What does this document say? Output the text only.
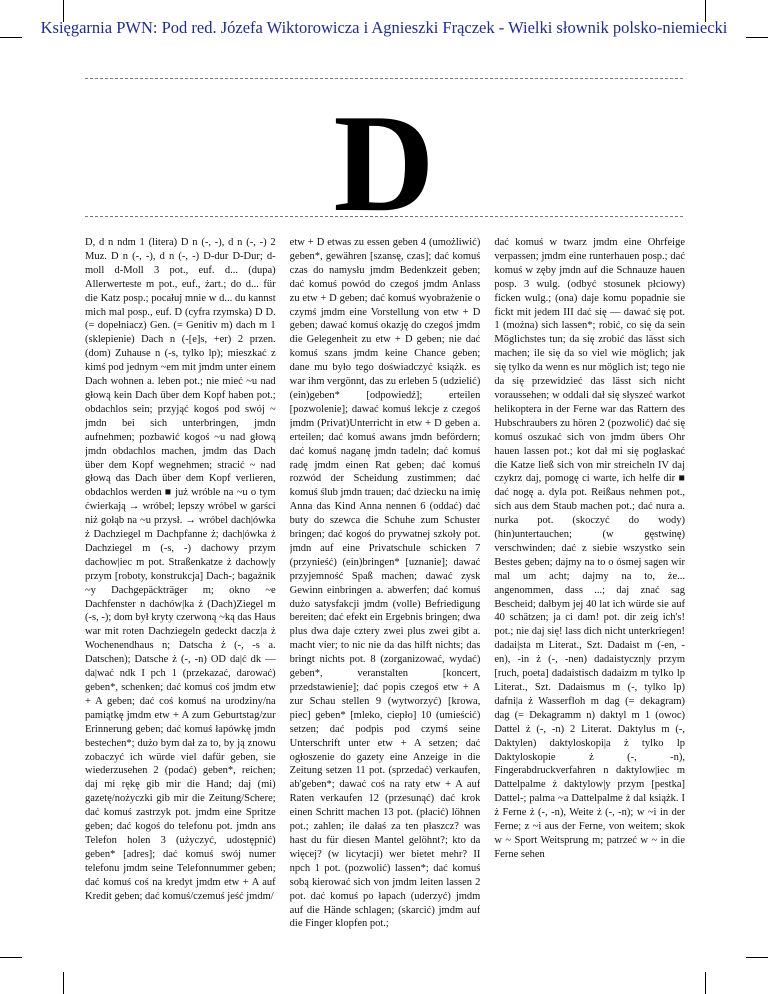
Księgarnia PWN: Pod red. Józefa Wiktorowicza i Agnieszki Frączek - Wielki słownik polsko-niemiecki
D

D, d n ndm 1 (litera) D n (-, -), d n (-, -) 2 Muz. D n (-, -), d n (-, -) D-dur D-Dur; d-moll d-Moll 3 pot., euf. d... (dupa) Allerwerteste m pot., euf., żart.; do d... für die Katz posp.; pocałuj mnie w d... du kannst mich mal posp., euf. D (cyfra rzymska) D D. (= dopełniacz) Gen. (= Genitiv m) dach m 1 (sklepienie) Dach n (-[e]s, +er) 2 przen. (dom) Zuhause n (-s, tylko lp); mieszkać z kimś pod jednym ~em mit jmdm unter einem Dach wohnen a. leben pot.; nie mieć ~u nad głową kein Dach über dem Kopf haben pot.; obdachlos sein; przyjąć kogoś pod swój ~ jmdn bei sich unterbringen, jmdn aufnehmen; pozbawić kogoś ~u nad głową jmdn obdachlos machen, jmdm das Dach über dem Kopf wegnehmen; stracić ~ nad głową das Dach über dem Kopf verlieren, obdachlos werden ■ już wróble na ~u o tym ćwierkają → wróbel; lepszy wróbel w garści niż gołąb na ~u przysł. → wróbel dach|ówka ż Dachziegel m Dachpfanne ż; dach|ówka ż Dachziegel m (-s, -) dachowy przym dachow|iec m pot. Straßenkatze ż dachow|y przym [roboty, konstrukcja] Dach-; bagażnik ~y Dachgepäckträger m; okno ~e Dachfenster n dachów|ka ż (Dach)Ziegel m (-s, -); dom był kryty czerwoną ~ką das Haus war mit roten Dachziegeln gedeckt dacz|a ż Wochenendhaus n; Datscha ż (-, -s a. Datschen); Datsche ż (-, -n) OD da|ć dk — da|wać ndk I pch 1 (przekazać, darować) geben*, schenken; dać komuś coś jmdm etw + A geben; dać coś komuś na urodziny/na pamiątkę jmdm etw + A zum Geburtstag/zur Erinnerung geben; dać komuś łapówkę jmdn bestechen*; dużo bym dał za to, by ją znowu zobaczyć ich würde viel dafür geben, sie wiederzusehen 2 (podać) geben*, reichen; daj mi rękę gib mir die Hand; daj (mi) gazetę/nożyczki gib mir die Zeitung/Schere; dać komuś zastrzyk pot. jmdm eine Spritze geben; dać kogoś do telefonu pot. jmdn ans Telefon holen 3 (użyczyć, udostępnić) geben* [adres]; dać komuś swój numer telefonu jmdm seine Telefonnummer geben; dać komuś coś na kredyt jmdm etw + A auf Kredit geben; dać komuś/czemuś jeść jmdm/

etw + D etwas zu essen geben 4 (umożliwić) geben*, gewähren [szansę, czas]; dać komuś czas do namysłu jmdm Bedenkzeit geben; dać komuś powód do czegoś jmdm Anlass zu etw + D geben; dać komuś wyobrażenie o czymś jmdm eine Vorstellung von etw + D geben; dawać komuś okazję do czegoś jmdm die Gelegenheit zu etw + D geben; nie dać komuś szans jmdm keine Chance geben; dane mu było tego doświadczyć książk. es war ihm vergönnt, das zu erleben 5 (udzielić) (ein)geben* [odpowiedź]; erteilen [pozwolenie]; dawać komuś lekcje z czegoś jmdm (Privat)Unterricht in etw + D geben a. erteilen; dać komuś awans jmdn befördern; dać komuś naganę jmdn tadeln; dać komuś radę jmdm einen Rat geben; dać komuś rozwód der Scheidung zustimmen; dać komuś ślub jmdn trauen; dać dziecku na imię Anna das Kind Anna nennen 6 (oddać) dać buty do szewca die Schuhe zum Schuster bringen; dać kogoś do prywatnej szkoły pot. jmdn auf eine Privatschule schicken 7 (przynieść) (ein)bringen* [uznanie]; dawać przyjemność Spaß machen; dawać zysk Gewinn einbringen a. abwerfen; dać komuś dużo satysfakcji jmdm (volle) Befriedigung bereiten; dać efekt ein Ergebnis bringen; dwa plus dwa daje cztery zwei plus zwei gibt a. macht vier; to nic nie da das hilft nichts; das bringt nichts pot. 8 (zorganizować, wydać) geben*, veranstalten [koncert, przedstawienie]; dać popis czegoś etw + A zur Schau stellen 9 (wytworzyć) [krowa, piec] geben* [mleko, ciepło] 10 (umieścić) setzen; dać podpis pod czymś seine Unterschrift unter etw + A setzen; dać ogłoszenie do gazety eine Anzeige in die Zeitung setzen 11 pot. (sprzedać) verkaufen, ab'geben*; dawać coś na raty etw + A auf Raten verkaufen 12 (przesunąć) dać krok einen Schritt machen 13 pot. (płacić) löhnen pot.; zahlen; ile dałaś za ten płaszcz? was hast du für diesen Mantel gelöhnt?; kto da więcej? (w licytacji) wer bietet mehr? II npch 1 pot. (pozwolić) lassen*; dać komuś sobą kierować sich von jmdm leiten lassen 2 pot. dać komuś po łapach (uderzyć) jmdm auf die Hände schlagen; (skarcić) jmdm auf die Finger klopfen pot.;

dać komuś w twarz jmdm eine Ohrfeige verpassen; jmdm eine runterhauen posp.; dać komuś w zęby jmdn auf die Schnauze hauen posp. 3 wulg. (odbyć stosunek płciowy) ficken wulg.; (ona) daje komu popadnie sie fickt mit jedem III dać się — dawać się pot. 1 (można) sich lassen*; robić, co się da sein Möglichstes tun; da się zrobić das lässt sich machen; ile się da so viel wie möglich; jak się tylko da wenn es nur möglich ist; tego nie da się przewidzieć das lässt sich nicht voraussehen; w oddali dał się słyszeć warkot helikoptera in der Ferne war das Rattern des Hubschraubers zu hören 2 (pozwolić) dać się komuś oszukać sich von jmdm übers Ohr hauen lassen pot.; kot dał mi się pogłaskać die Katze ließ sich von mir streicheln IV daj czykrz daj, pomogę ci warte, ich helfe dir ■ dać nogę a. dyla pot. Reißaus nehmen pot., sich aus dem Staub machen pot.; dać nura a. nurka pot. (skoczyć do wody) (hin)untertauchen; (w gęstwinę) verschwinden; dać z siebie wszystko sein Bestes geben; dajmy na to o ósmej sagen wir mal um acht; dajmy na to, że... angenommen, dass ...; daj znać sag Bescheid; dałbym jej 40 lat ich würde sie auf 40 schätzen; ja ci dam! pot. dir zeig ich's! pot.; nie daj się! lass dich nicht unterkriegen! dadai|sta m Literat., Szt. Dadaist m (-en, -en), -in ż (-, -nen) dadaistyczn|y przym [ruch, poeta] dadaistisch dadaizm m tylko lp Literat., Szt. Dadaismus m (-, tylko lp) dafni|a ż Wasserfloh m dag (= dekagram) dag (= Dekagramm n) daktyl m 1 (owoc) Dattel ż (-, -n) 2 Literat. Daktylus m (-, Daktylen) daktyloskopi|a ż tylko lp Daktyloskopie ż (-, -n), Fingerabdruckverfahren n daktylow|iec m Dattelpalme ż daktylow|y przym [pestka] Dattel-; palma ~a Dattelpalme ż dal książk. I ż Ferne ż (-, -n), Weite ż (-, -n); w ~i in der Ferne; z ~i aus der Ferne, von weitem; skok w ~ Sport Weitsprung m; patrzeć w ~ in die Ferne sehen
